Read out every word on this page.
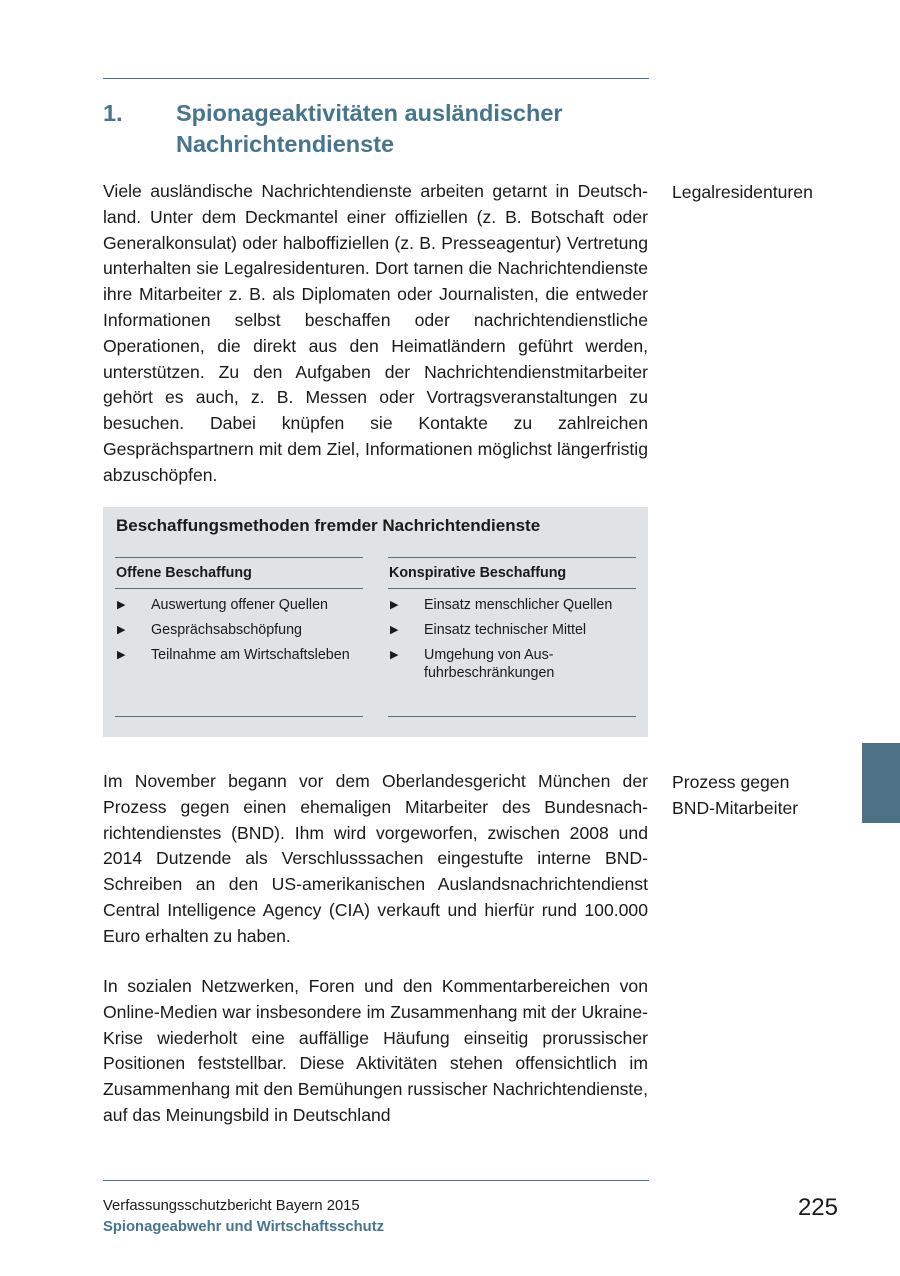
1.	Spionageaktivitäten ausländischer
Nachrichtendienste

Viele ausländische Nachrichtendienste arbeiten getarnt in Deutschland. Unter dem Deckmantel einer offiziellen (z. B. Botschaft oder Generalkonsulat) oder halboffiziellen (z. B. Presseagentur) Vertretung unterhalten sie Legalresidenturen. Dort tarnen die Nachrichtendienste ihre Mitarbeiter z. B. als Diplomaten oder Journalisten, die entweder Informationen selbst beschaffen oder nachrichtendienstliche Operationen, die direkt aus den Heimatländern geführt werden, unterstützen. Zu den Aufgaben der Nachrichtendienstmitarbeiter gehört es auch, z. B. Messen oder Vortragsveranstaltungen zu besuchen. Dabei knüpfen sie Kontakte zu zahlreichen Gesprächspartnern mit dem Ziel, Informationen möglichst längerfristig abzuschöpfen.

Legalresidenturen

Beschaffungsmethoden fremder Nachrichtendienste
Offene Beschaffung
▶ Auswertung offener Quellen
▶ Gesprächsabschöpfung
▶ Teilnahme am Wirtschaftsleben
Konspirative Beschaffung
▶ Einsatz menschlicher Quellen
▶ Einsatz technischer Mittel
▶ Umgehung von Ausfuhrbeschränkungen

Im November begann vor dem Oberlandesgericht München der Prozess gegen einen ehemaligen Mitarbeiter des Bundesnachrichtendienstes (BND). Ihm wird vorgeworfen, zwischen 2008 und 2014 Dutzende als Verschlusssachen eingestufte interne BND-Schreiben an den US-amerikanischen Auslandsnachrichtendienst Central Intelligence Agency (CIA) verkauft und hierfür rund 100.000 Euro erhalten zu haben.

Prozess gegen
BND-Mitarbeiter

In sozialen Netzwerken, Foren und den Kommentarbereichen von Online-Medien war insbesondere im Zusammenhang mit der Ukraine-Krise wiederholt eine auffällige Häufung einseitig prorussischer Positionen feststellbar. Diese Aktivitäten stehen offensichtlich im Zusammenhang mit den Bemühungen russischer Nachrichtendienste, auf das Meinungsbild in Deutschland

Verfassungsschutzbericht Bayern 2015
Spionageabwehr und Wirtschaftsschutz
225
